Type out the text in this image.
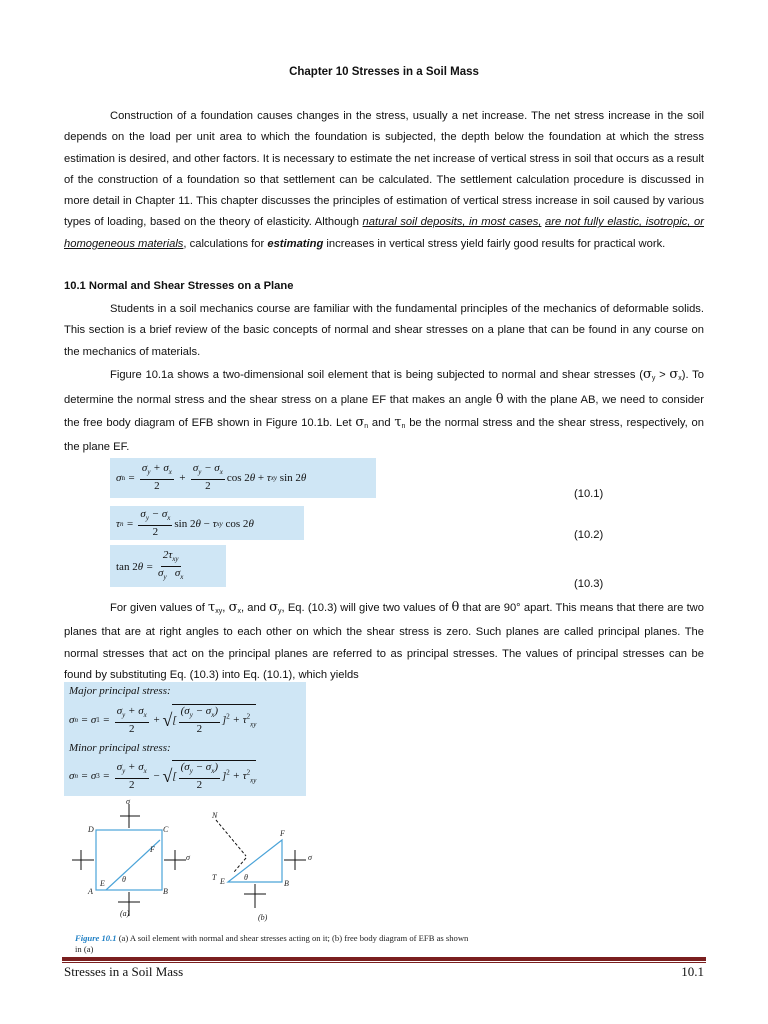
Chapter 10 Stresses in a Soil Mass

Construction of a foundation causes changes in the stress, usually a net increase. The net stress increase in the soil depends on the load per unit area to which the foundation is subjected, the depth below the foundation at which the stress estimation is desired, and other factors. It is necessary to estimate the net increase of vertical stress in soil that occurs as a result of the construction of a foundation so that settlement can be calculated. The settlement calculation procedure is discussed in more detail in Chapter 11. This chapter discusses the principles of estimation of vertical stress increase in soil caused by various types of loading, based on the theory of elasticity. Although natural soil deposits, in most cases, are not fully elastic, isotropic, or homogeneous materials, calculations for estimating increases in vertical stress yield fairly good results for practical work.

10.1 Normal and Shear Stresses on a Plane

Students in a soil mechanics course are familiar with the fundamental principles of the mechanics of deformable solids. This section is a brief review of the basic concepts of normal and shear stresses on a plane that can be found in any course on the mechanics of materials.

Figure 10.1a shows a two-dimensional soil element that is being subjected to normal and shear stresses $(\sigma_y > \sigma_x)$. To determine the normal stress and the shear stress on a plane EF that makes an angle θ with the plane AB, we need to consider the free body diagram of EFB shown in Figure 10.1b. Let $\sigma_n$ and $\tau_n$ be the normal stress and the shear stress, respectively, on the plane EF.

σ $n = \frac{\sigma_y + \sigma_x}{2} + \frac{\sigma_y - \sigma_x}{2}$ cos 2 θ + τ xy sin 2 θ
(10.1)
τ $n = \frac{\sigma_y - \sigma_x}{2}$ sin 2 θ − τ xy cos 2 θ
(10.2)
tan 2 $\theta = \frac{2\tau_{xy}}{\sigma_y \sigma_x}$	(10.3)

For given values of $\tau_{xy}$, $\sigma_x$, and $\sigma_y$, Eq. (10.3) will give two values of θ that are 90° apart. This means that there are two planes that are at right angles to each other on which the shear stress is zero. Such planes are called principal planes. The normal stresses that act on the principal planes are referred to as principal stresses. The values of principal stresses can be found by substituting Eq. (10.3) into Eq. (10.1), which yields

Major principal stress:
σ n = σ $1 = \frac{\sigma_y + \sigma_x}{2}$ + √ [ $\frac{(\sigma_y - \sigma_x)}{2} ]^2 + \tau^2_{xy}$
Minor principal stress:
σ n = σ $3 = \frac{\sigma_y + \sigma_x}{2}$ − √ [ $\frac{(\sigma_y - \sigma_x)}{2} ]^2 + \tau^2_{xy}$
D	C
A	B
E
F
θ
σ
σ
(a)
N
T E
F
B
θ
σ
(b)
Figure 10.1 (a) A soil element with normal and shear stresses acting on it; (b) free body diagram of EFB as shown in (a)
Stresses in a Soil Mass	10.1
